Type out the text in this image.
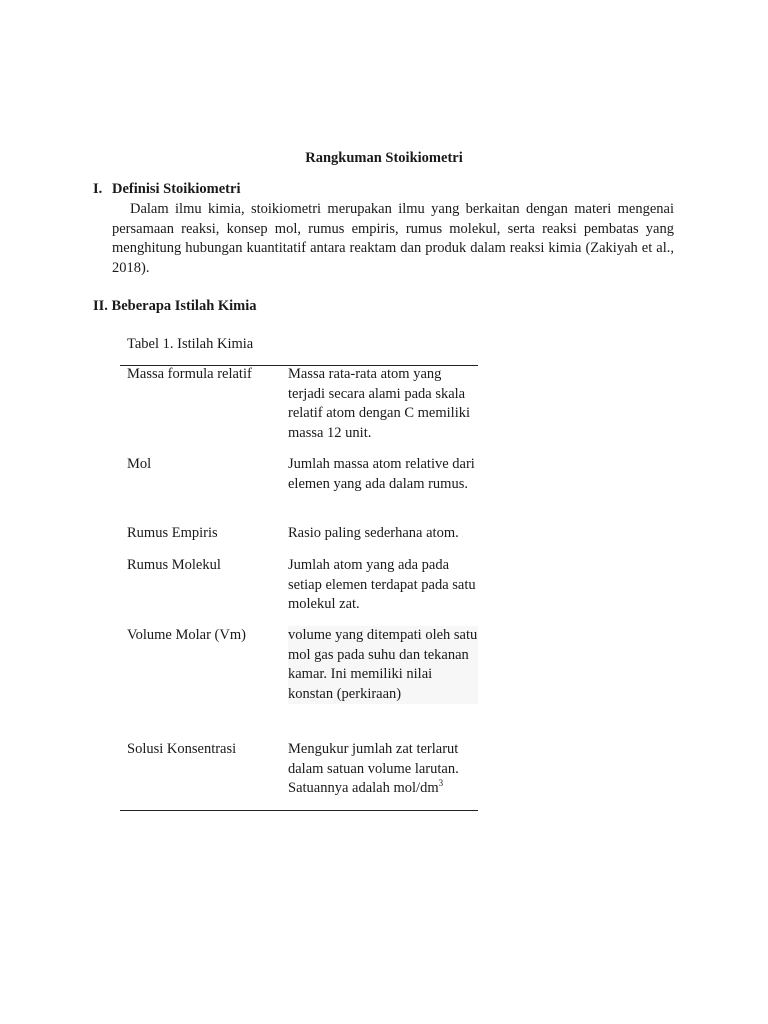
Rangkuman Stoikiometri
I. Definisi Stoikiometri
Dalam ilmu kimia, stoikiometri merupakan ilmu yang berkaitan dengan materi mengenai persamaan reaksi, konsep mol, rumus empiris, rumus molekul, serta reaksi pembatas yang menghitung hubungan kuantitatif antara reaktam dan produk dalam reaksi kimia (Zakiyah et al., 2018).
II. Beberapa Istilah Kimia
Tabel 1. Istilah Kimia
Massa formula relatif	Massa rata-rata atom yang terjadi secara alami pada skala relatif atom dengan C memiliki massa 12 unit.
Mol	Jumlah massa atom relative dari elemen yang ada dalam rumus.
Rumus Empiris	Rasio paling sederhana atom.
Rumus Molekul	Jumlah atom yang ada pada setiap elemen terdapat pada satu molekul zat.
Volume Molar (Vm)	volume yang ditempati oleh satu mol gas pada suhu dan tekanan kamar. Ini memiliki nilai konstan (perkiraan)
Solusi Konsentrasi	Mengukur jumlah zat terlarut dalam satuan volume larutan. Satuannya adalah mol/$dm^3$
